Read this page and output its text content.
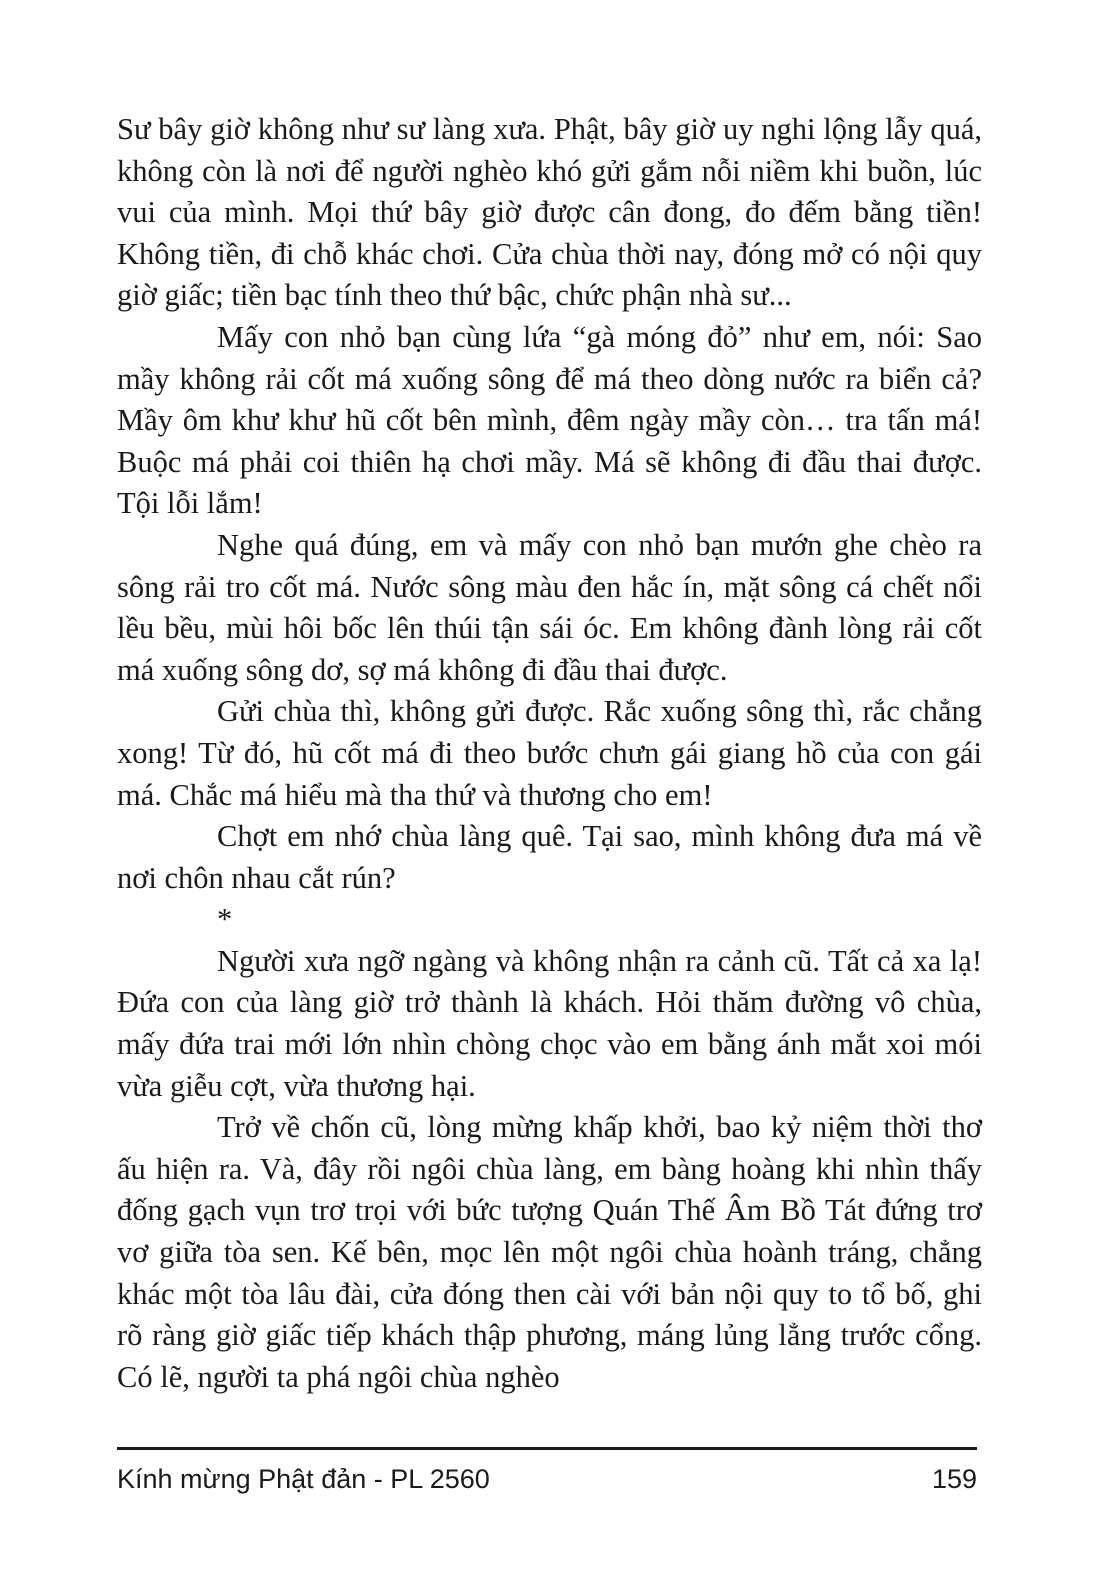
Sư bây giờ không như sư làng xưa. Phật, bây giờ uy nghi lộng lẫy quá, không còn là nơi để người nghèo khó gửi gắm nỗi niềm khi buồn, lúc vui của mình. Mọi thứ bây giờ được cân đong, đo đếm bằng tiền! Không tiền, đi chỗ khác chơi. Cửa chùa thời nay, đóng mở có nội quy giờ giấc; tiền bạc tính theo thứ bậc, chức phận nhà sư...

Mấy con nhỏ bạn cùng lứa “gà móng đỏ” như em, nói: Sao mầy không rải cốt má xuống sông để má theo dòng nước ra biển cả? Mầy ôm khư khư hũ cốt bên mình, đêm ngày mầy còn… tra tấn má! Buộc má phải coi thiên hạ chơi mầy. Má sẽ không đi đầu thai được. Tội lỗi lắm!

Nghe quá đúng, em và mấy con nhỏ bạn mướn ghe chèo ra sông rải tro cốt má. Nước sông màu đen hắc ín, mặt sông cá chết nổi lều bều, mùi hôi bốc lên thúi tận sái óc. Em không đành lòng rải cốt má xuống sông dơ, sợ má không đi đầu thai được.

Gửi chùa thì, không gửi được. Rắc xuống sông thì, rắc chẳng xong! Từ đó, hũ cốt má đi theo bước chưn gái giang hồ của con gái má. Chắc má hiểu mà tha thứ và thương cho em!

Chợt em nhớ chùa làng quê. Tại sao, mình không đưa má về nơi chôn nhau cắt rún?

*

Người xưa ngỡ ngàng và không nhận ra cảnh cũ. Tất cả xa lạ! Đứa con của làng giờ trở thành là khách. Hỏi thăm đường vô chùa, mấy đứa trai mới lớn nhìn chòng chọc vào em bằng ánh mắt xoi mói vừa giễu cợt, vừa thương hại.

Trở về chốn cũ, lòng mừng khấp khởi, bao kỷ niệm thời thơ ấu hiện ra. Và, đây rồi ngôi chùa làng, em bàng hoàng khi nhìn thấy đống gạch vụn trơ trọi với bức tượng Quán Thế Âm Bồ Tát đứng trơ vơ giữa tòa sen. Kế bên, mọc lên một ngôi chùa hoành tráng, chẳng khác một tòa lâu đài, cửa đóng then cài với bản nội quy to tổ bố, ghi rõ ràng giờ giấc tiếp khách thập phương, máng lủng lẳng trước cổng. Có lẽ, người ta phá ngôi chùa nghèo

Kính mừng Phật đản - PL 2560	159
